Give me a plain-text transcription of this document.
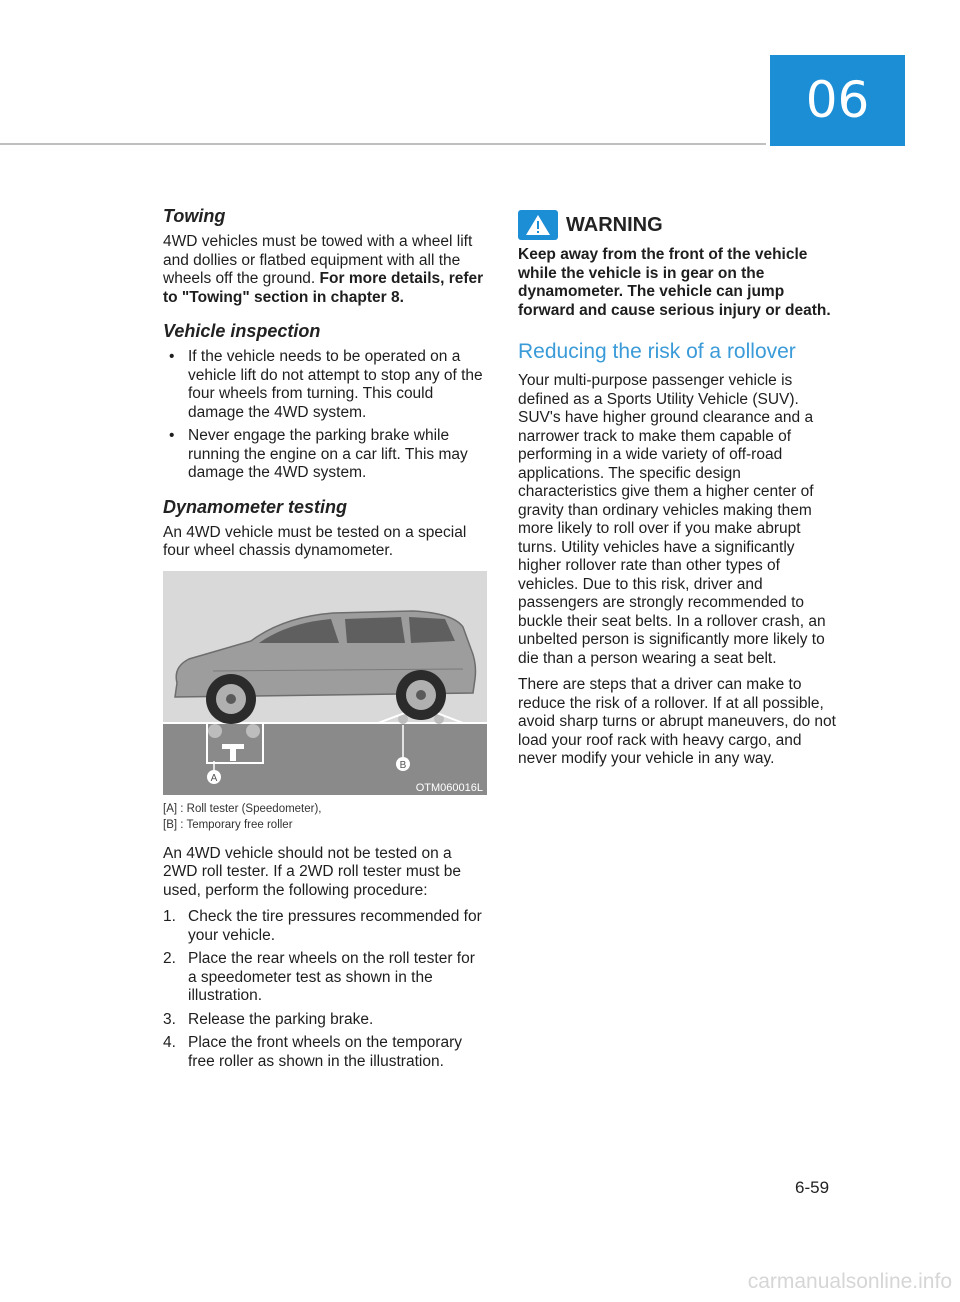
06
Towing

4WD vehicles must be towed with a wheel lift and dollies or flatbed equipment with all the wheels off the ground. For more details, refer to "Towing" section in chapter 8.

Vehicle inspection
• If the vehicle needs to be operated on a vehicle lift do not attempt to stop any of the four wheels from turning. This could damage the 4WD system.
• Never engage the parking brake while running the engine on a car lift. This may damage the 4WD system.
Dynamometer testing

An 4WD vehicle must be tested on a special four wheel chassis dynamometer.

A
B
OTM060016L
[A] : Roll tester (Speedometer),
[B] : Temporary free roller

An 4WD vehicle should not be tested on a 2WD roll tester. If a 2WD roll tester must be used, perform the following procedure:

1. Check the tire pressures recommended for your vehicle.
2. Place the rear wheels on the roll tester for a speedometer test as shown in the illustration.
3. Release the parking brake.
4. Place the front wheels on the temporary free roller as shown in the illustration.
WARNING
Keep away from the front of the vehicle while the vehicle is in gear on the dynamometer. The vehicle can jump forward and cause serious injury or death.
Reducing the risk of a rollover

Your multi-purpose passenger vehicle is defined as a Sports Utility Vehicle (SUV). SUV's have higher ground clearance and a narrower track to make them capable of performing in a wide variety of off-road applications. The specific design characteristics give them a higher center of gravity than ordinary vehicles making them more likely to roll over if you make abrupt turns. Utility vehicles have a significantly higher rollover rate than other types of vehicles. Due to this risk, driver and passengers are strongly recommended to buckle their seat belts. In a rollover crash, an unbelted person is significantly more likely to die than a person wearing a seat belt.

There are steps that a driver can make to reduce the risk of a rollover. If at all possible, avoid sharp turns or abrupt maneuvers, do not load your roof rack with heavy cargo, and never modify your vehicle in any way.

6-59
carmanualsonline.info
